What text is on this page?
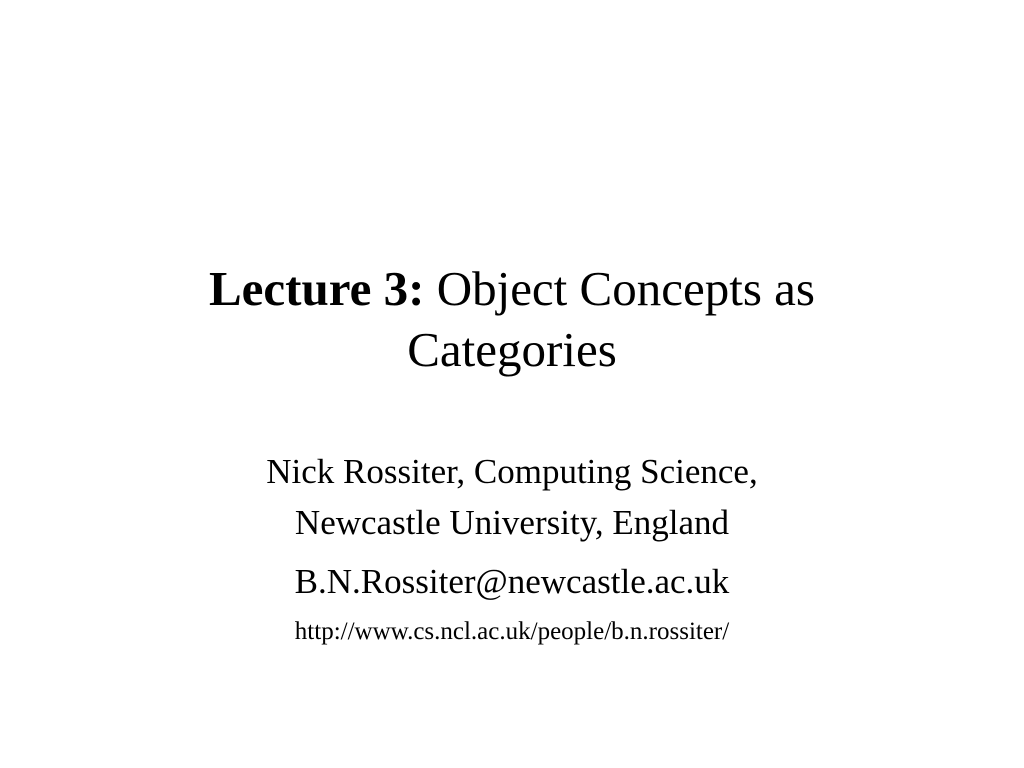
Lecture 3: Object Concepts as
Categories
Nick Rossiter, Computing Science,
Newcastle University, England
B.N.Rossiter@newcastle.ac.uk
http://www.cs.ncl.ac.uk/people/b.n.rossiter/
